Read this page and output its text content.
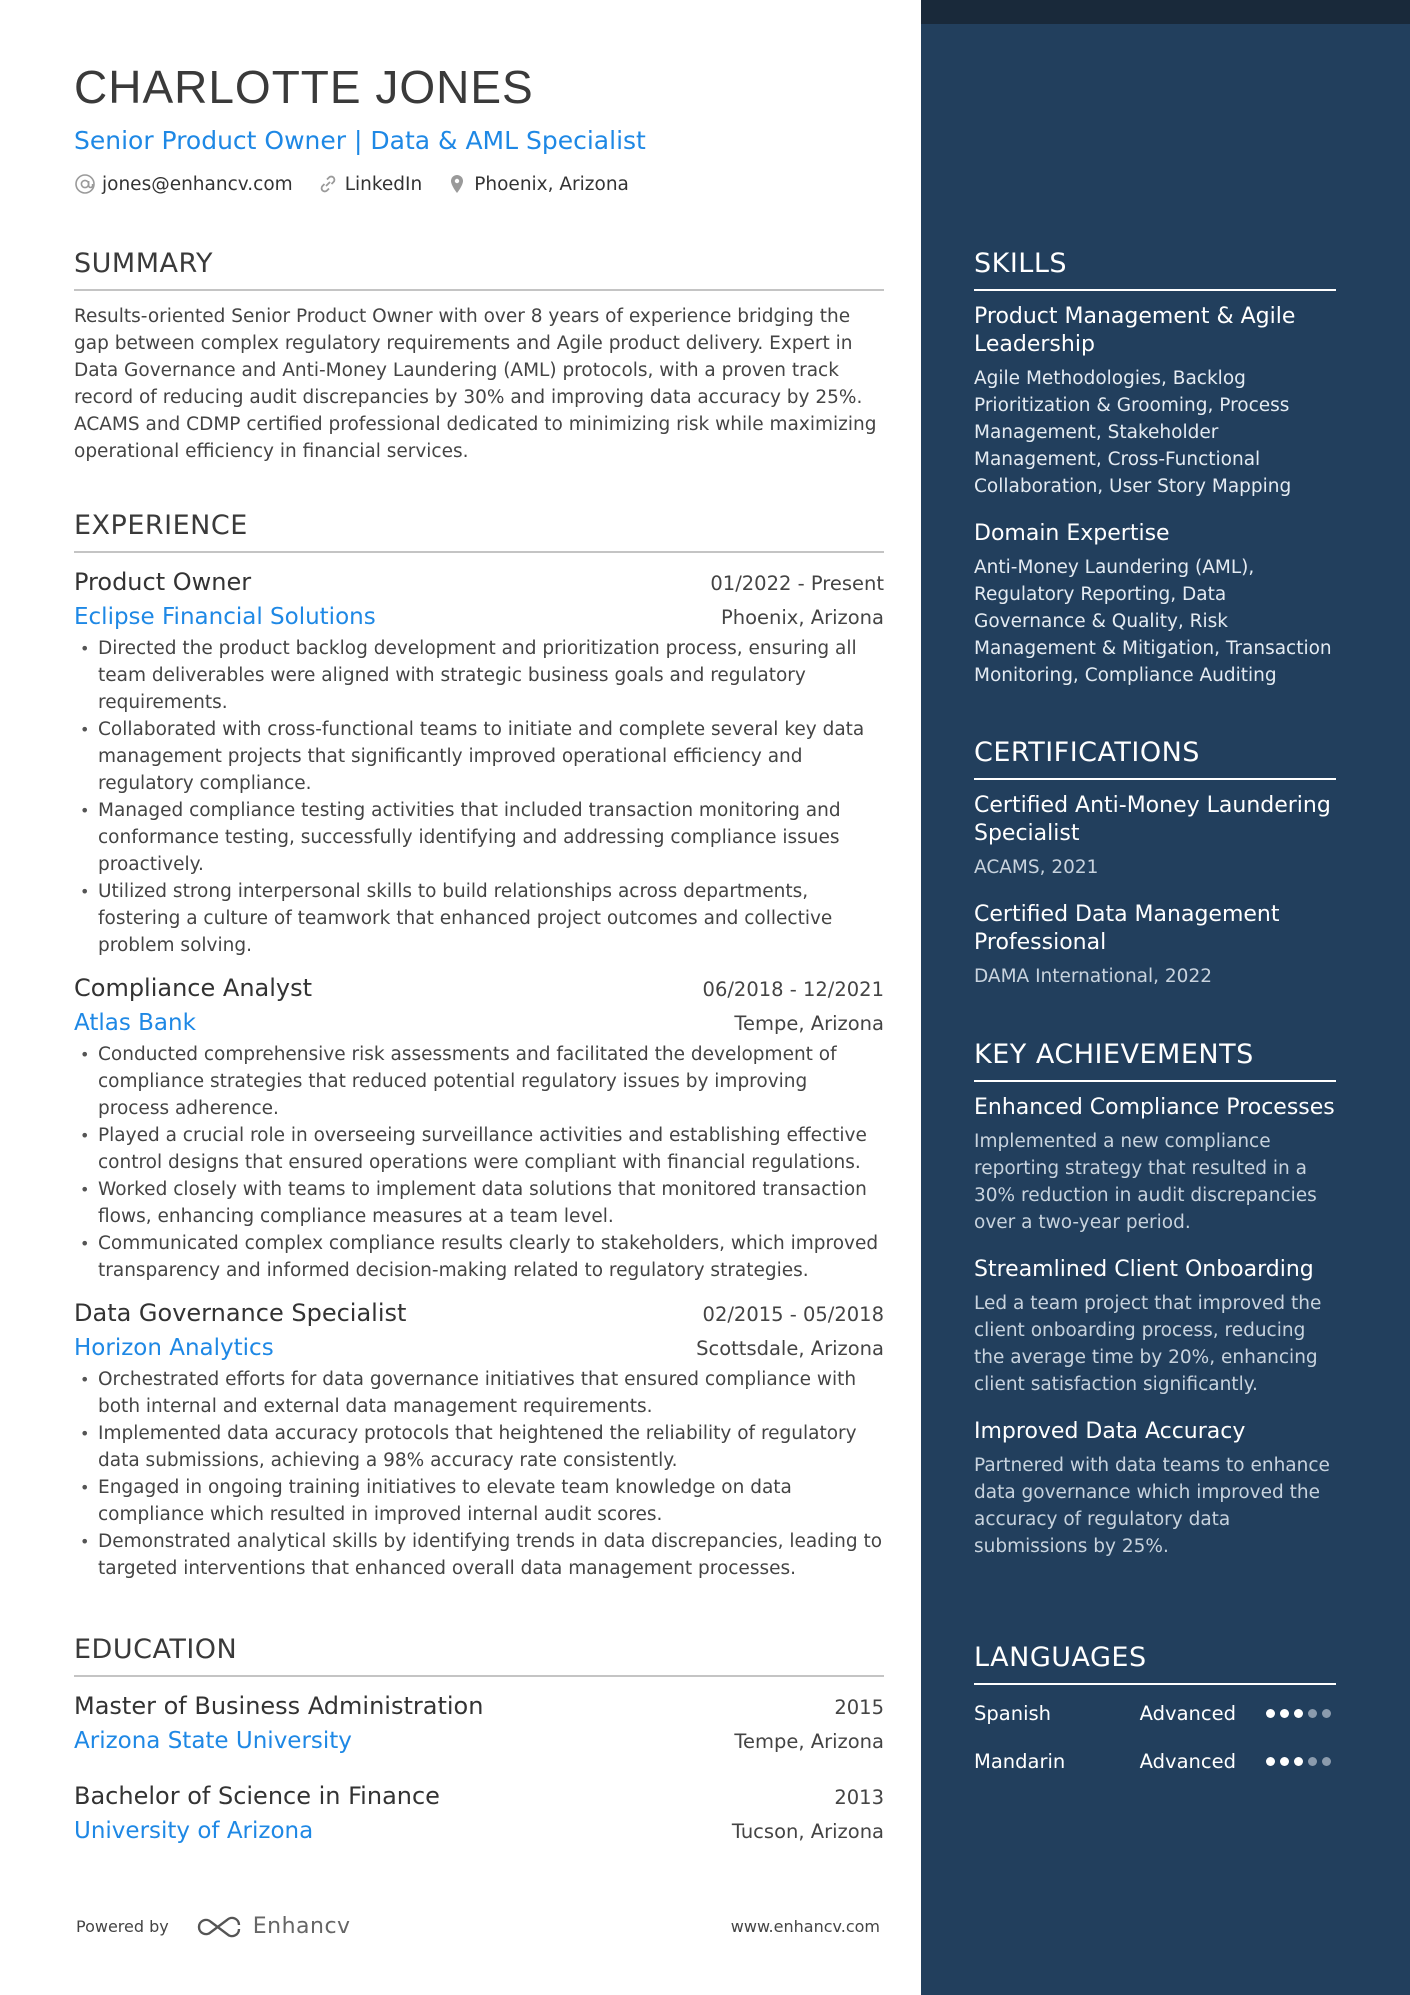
CHARLOTTE JONES
Senior Product Owner | Data & AML Specialist
jones@enhancv.com	LinkedIn	Phoenix, Arizona
SUMMARY
Results-oriented Senior Product Owner with over 8 years of experience bridging the gap between complex regulatory requirements and Agile product delivery. Expert in Data Governance and Anti-Money Laundering (AML) protocols, with a proven track record of reducing audit discrepancies by 30% and improving data accuracy by 25%. ACAMS and CDMP certified professional dedicated to minimizing risk while maximizing operational efficiency in financial services.
EXPERIENCE
Product Owner	01/2022 - Present
Eclipse Financial Solutions	Phoenix, Arizona
• Directed the product backlog development and prioritization process, ensuring all team deliverables were aligned with strategic business goals and regulatory requirements.
• Collaborated with cross-functional teams to initiate and complete several key data management projects that significantly improved operational efficiency and regulatory compliance.
• Managed compliance testing activities that included transaction monitoring and conformance testing, successfully identifying and addressing compliance issues proactively.
• Utilized strong interpersonal skills to build relationships across departments, fostering a culture of teamwork that enhanced project outcomes and collective problem solving.
Compliance Analyst	06/2018 - 12/2021
Atlas Bank	Tempe, Arizona
• Conducted comprehensive risk assessments and facilitated the development of compliance strategies that reduced potential regulatory issues by improving process adherence.
• Played a crucial role in overseeing surveillance activities and establishing effective control designs that ensured operations were compliant with financial regulations.
• Worked closely with teams to implement data solutions that monitored transaction flows, enhancing compliance measures at a team level.
• Communicated complex compliance results clearly to stakeholders, which improved transparency and informed decision-making related to regulatory strategies.
Data Governance Specialist	02/2015 - 05/2018
Horizon Analytics	Scottsdale, Arizona
• Orchestrated efforts for data governance initiatives that ensured compliance with both internal and external data management requirements.
• Implemented data accuracy protocols that heightened the reliability of regulatory data submissions, achieving a 98% accuracy rate consistently.
• Engaged in ongoing training initiatives to elevate team knowledge on data compliance which resulted in improved internal audit scores.
• Demonstrated analytical skills by identifying trends in data discrepancies, leading to targeted interventions that enhanced overall data management processes.
EDUCATION
Master of Business Administration	2015
Arizona State University	Tempe, Arizona
Bachelor of Science in Finance	2013
University of Arizona	Tucson, Arizona
Powered by	Enhancv	www.enhancv.com
SKILLS
Product Management & Agile Leadership
Agile Methodologies, Backlog Prioritization & Grooming, Process Management, Stakeholder Management, Cross-Functional Collaboration, User Story Mapping
Domain Expertise
Anti-Money Laundering (AML), Regulatory Reporting, Data Governance & Quality, Risk Management & Mitigation, Transaction Monitoring, Compliance Auditing
CERTIFICATIONS
Certified Anti-Money Laundering Specialist
ACAMS, 2021
Certified Data Management Professional
DAMA International, 2022
KEY ACHIEVEMENTS
Enhanced Compliance Processes
Implemented a new compliance reporting strategy that resulted in a 30% reduction in audit discrepancies over a two-year period.
Streamlined Client Onboarding
Led a team project that improved the client onboarding process, reducing the average time by 20%, enhancing client satisfaction significantly.
Improved Data Accuracy
Partnered with data teams to enhance data governance which improved the accuracy of regulatory data submissions by 25%.
LANGUAGES
Spanish	Advanced
Mandarin	Advanced
